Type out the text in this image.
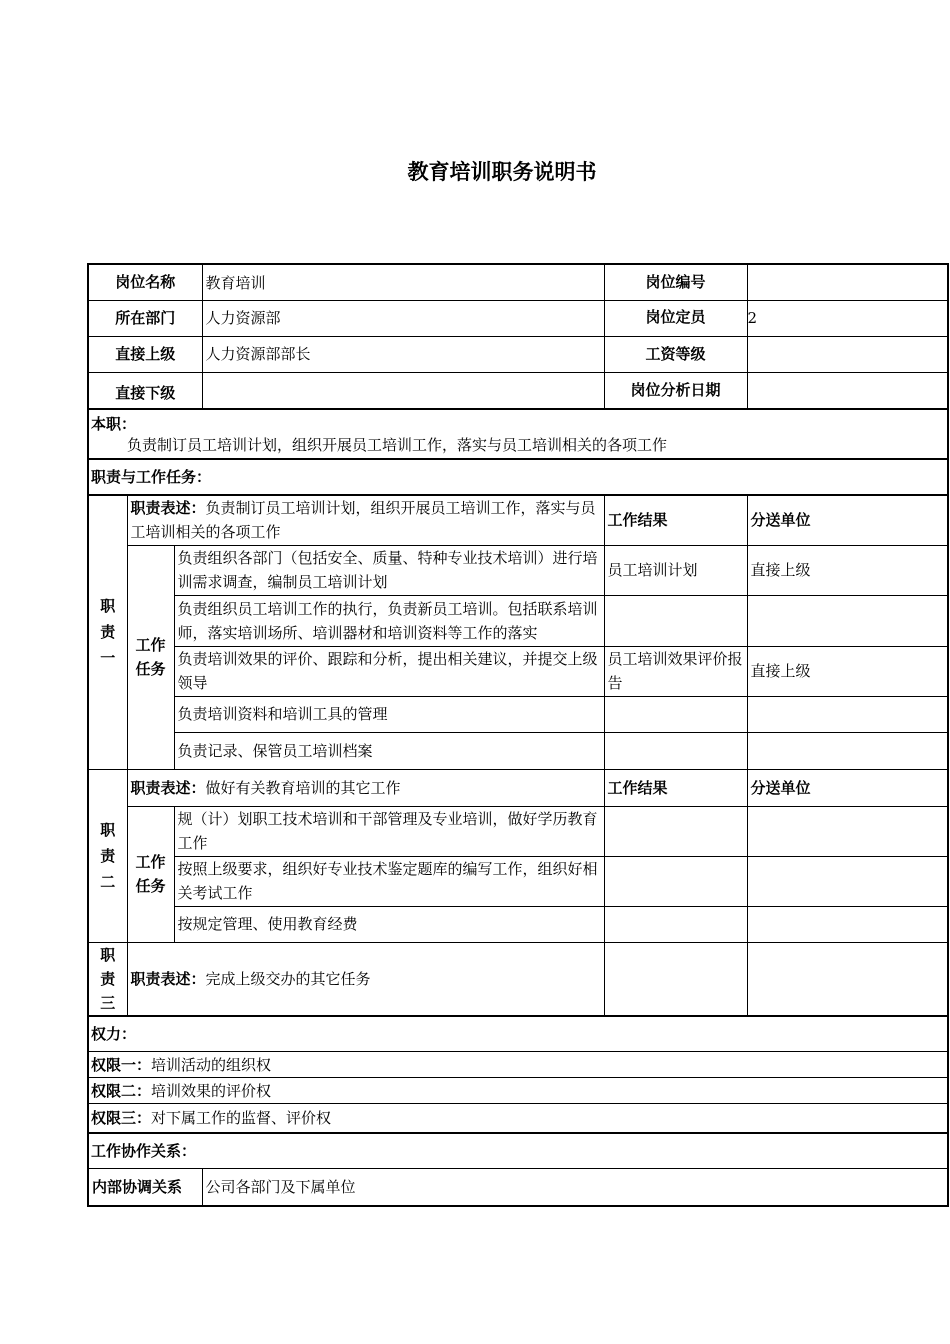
教育培训职务说明书
岗位名称			教育培训	岗位编号	
所在部门			人力资源部	岗位定员	2
直接上级			人力资源部部长	工资等级	
直接下级				岗位分析日期	

本职：
负责制订员工培训计划，组织开展员工培训工作，落实与员工培训相关的各项工作					

职责与工作任务：					

职
责
一	职责表述：负责制订员工培训计划，组织开展员工培训工作，落实与员工培训相关的各项工作			工作结果	分送单位

	工作
任务	负责组织各部门（包括安全、质量、特种专业技术培训）进行培训需求调查，编制员工培训计划		员工培训计划	直接上级
		负责组织员工培训工作的执行，负责新员工培训。包括联系培训师，落实培训场所、培训器材和培训资料等工作的落实			
		负责培训效果的评价、跟踪和分析，提出相关建议，并提交上级领导		员工培训效果评价报告	直接上级
		负责培训资料和培训工具的管理			
		负责记录、保管员工培训档案			

职
责
二	职责表述：做好有关教育培训的其它工作			工作结果	分送单位

	工作
任务	规（计）划职工技术培训和干部管理及专业培训，做好学历教育工作			
		按照上级要求，组织好专业技术鉴定题库的编写工作，组织好相关考试工作			
		按规定管理、使用教育经费			

职
责
三	职责表述：完成上级交办的其它任务				
权力：					
权限一：培训活动的组织权					
权限二：培训效果的评价权					
权限三：对下属工作的监督、评价权					
工作协作关系：					
内部协调关系			公司各部门及下属单位		
